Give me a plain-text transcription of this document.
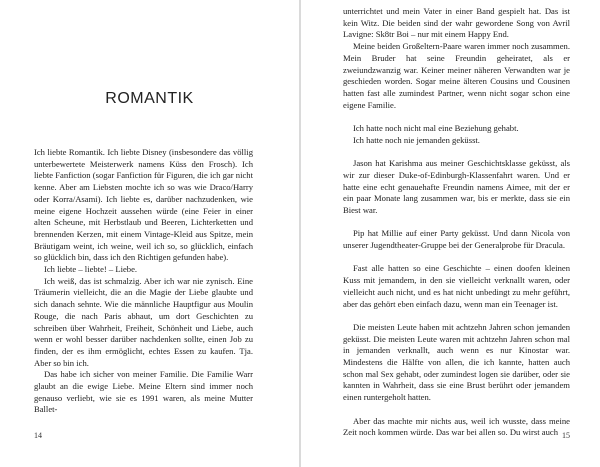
ROMANTIK

Ich liebte Romantik. Ich liebte Disney (insbesondere das völlig unterbewertete Meisterwerk namens Küss den Frosch). Ich liebte Fanfiction (sogar Fanfiction für Figuren, die ich gar nicht kenne. Aber am Liebsten mochte ich so was wie Draco/Harry oder Korra/Asami). Ich liebte es, darüber nachzudenken, wie meine eigene Hochzeit aussehen würde (eine Feier in einer alten Scheune, mit Herbstlaub und Beeren, Lichterketten und brennenden Kerzen, mit einem Vintage-Kleid aus Spitze, mein Bräutigam weint, ich weine, weil ich so, so glücklich, einfach so glücklich bin, dass ich den Richtigen gefunden habe).

Ich liebte – liebte! – Liebe.

Ich weiß, das ist schmalzig. Aber ich war nie zynisch. Eine Träumerin vielleicht, die an die Magie der Liebe glaubte und sich danach sehnte. Wie die männliche Hauptfigur aus Moulin Rouge, die nach Paris abhaut, um dort Geschichten zu schreiben über Wahrheit, Freiheit, Schönheit und Liebe, auch wenn er wohl besser darüber nachdenken sollte, einen Job zu finden, der es ihm ermöglicht, echtes Essen zu kaufen. Tja. Aber so bin ich.

Das habe ich sicher von meiner Familie. Die Familie Warr glaubt an die ewige Liebe. Meine Eltern sind immer noch genauso verliebt, wie sie es 1991 waren, als meine Mutter Ballet-

14

unterrichtet und mein Vater in einer Band gespielt hat. Das ist kein Witz. Die beiden sind der wahr gewordene Song von Avril Lavigne: Sk8tr Boi – nur mit einem Happy End.

Meine beiden Großeltern-Paare waren immer noch zusammen. Mein Bruder hat seine Freundin geheiratet, als er zweiundzwanzig war. Keiner meiner näheren Verwandten war je geschieden worden. Sogar meine älteren Cousins und Cousinen hatten fast alle zumindest Partner, wenn nicht sogar schon eine eigene Familie.

Ich hatte noch nicht mal eine Beziehung gehabt.

Ich hatte noch nie jemanden geküsst.

Jason hat Karishma aus meiner Geschichtsklasse geküsst, als wir zur dieser Duke-of-Edinburgh-Klassenfahrt waren. Und er hatte eine echt genauehafte Freundin namens Aimee, mit der er ein paar Monate lang zusammen war, bis er merkte, dass sie ein Biest war.

Pip hat Millie auf einer Party geküsst. Und dann Nicola von unserer Jugendtheater-Gruppe bei der Generalprobe für Dracula.

Fast alle hatten so eine Geschichte – einen doofen kleinen Kuss mit jemandem, in den sie vielleicht verknallt waren, oder vielleicht auch nicht, und es hat nicht unbedingt zu mehr geführt, aber das gehört eben einfach dazu, wenn man ein Teenager ist.

Die meisten Leute haben mit achtzehn Jahren schon jemanden geküsst. Die meisten Leute waren mit achtzehn Jahren schon mal in jemanden verknallt, auch wenn es nur Kinostar war. Mindestens die Hälfte von allen, die ich kannte, hatten auch schon mal Sex gehabt, oder zumindest logen sie darüber, oder sie kannten in Wahrheit, dass sie eine Brust berührt oder jemandem einen runtergeholt hatten.

Aber das machte mir nichts aus, weil ich wusste, dass meine Zeit noch kommen würde. Das war bei allen so. Du wirst auch 15
